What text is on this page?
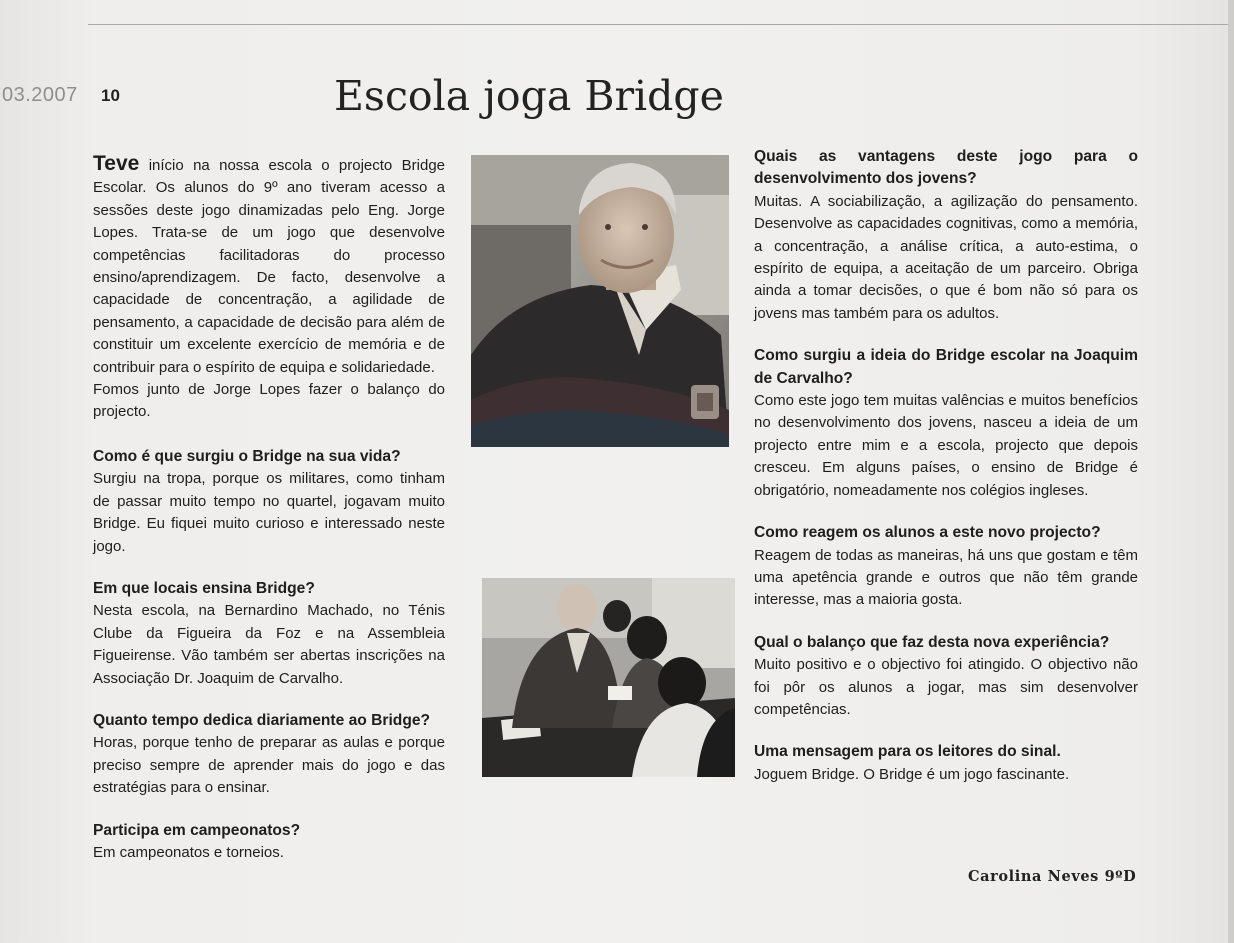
03.2007 10	Escola joga Bridge

Teve início na nossa escola o projecto Bridge Escolar. Os alunos do 9º ano tiveram acesso a sessões deste jogo dinamizadas pelo Eng. Jorge Lopes. Trata-se de um jogo que desenvolve competências facilitadoras do processo ensino/aprendizagem. De facto, desenvolve a capacidade de concentração, a agilidade de pensamento, a capacidade de decisão para além de constituir um excelente exercício de memória e de contribuir para o espírito de equipa e solidariedade.

Fomos junto de Jorge Lopes fazer o balanço do projecto.

Como é que surgiu o Bridge na sua vida?

Surgiu na tropa, porque os militares, como tinham de passar muito tempo no quartel, jogavam muito Bridge. Eu fiquei muito curioso e interessado neste jogo.

Em que locais ensina Bridge?

Nesta escola, na Bernardino Machado, no Ténis Clube da Figueira da Foz e na Assembleia Figueirense. Vão também ser abertas inscrições na Associação Dr. Joaquim de Carvalho.

Quanto tempo dedica diariamente ao Bridge?

Horas, porque tenho de preparar as aulas e porque preciso sempre de aprender mais do jogo e das estratégias para o ensinar.

Participa em campeonatos?

Em campeonatos e torneios.

Quais as vantagens deste jogo para o desenvolvimento dos jovens?

Muitas. A sociabilização, a agilização do pensamento. Desenvolve as capacidades cognitivas, como a memória, a concentração, a análise crítica, a auto-estima, o espírito de equipa, a aceitação de um parceiro. Obriga ainda a tomar decisões, o que é bom não só para os jovens mas também para os adultos.

Como surgiu a ideia do Bridge escolar na Joaquim de Carvalho?

Como este jogo tem muitas valências e muitos benefícios no desenvolvimento dos jovens, nasceu a ideia de um projecto entre mim e a escola, projecto que depois cresceu. Em alguns países, o ensino de Bridge é obrigatório, nomeadamente nos colégios ingleses.

Como reagem os alunos a este novo projecto?

Reagem de todas as maneiras, há uns que gostam e têm uma apetência grande e outros que não têm grande interesse, mas a maioria gosta.

Qual o balanço que faz desta nova experiência?

Muito positivo e o objectivo foi atingido. O objectivo não foi pôr os alunos a jogar, mas sim desenvolver competências.

Uma mensagem para os leitores do sinal.

Joguem Bridge. O Bridge é um jogo fascinante.

Carolina Neves 9ºD
